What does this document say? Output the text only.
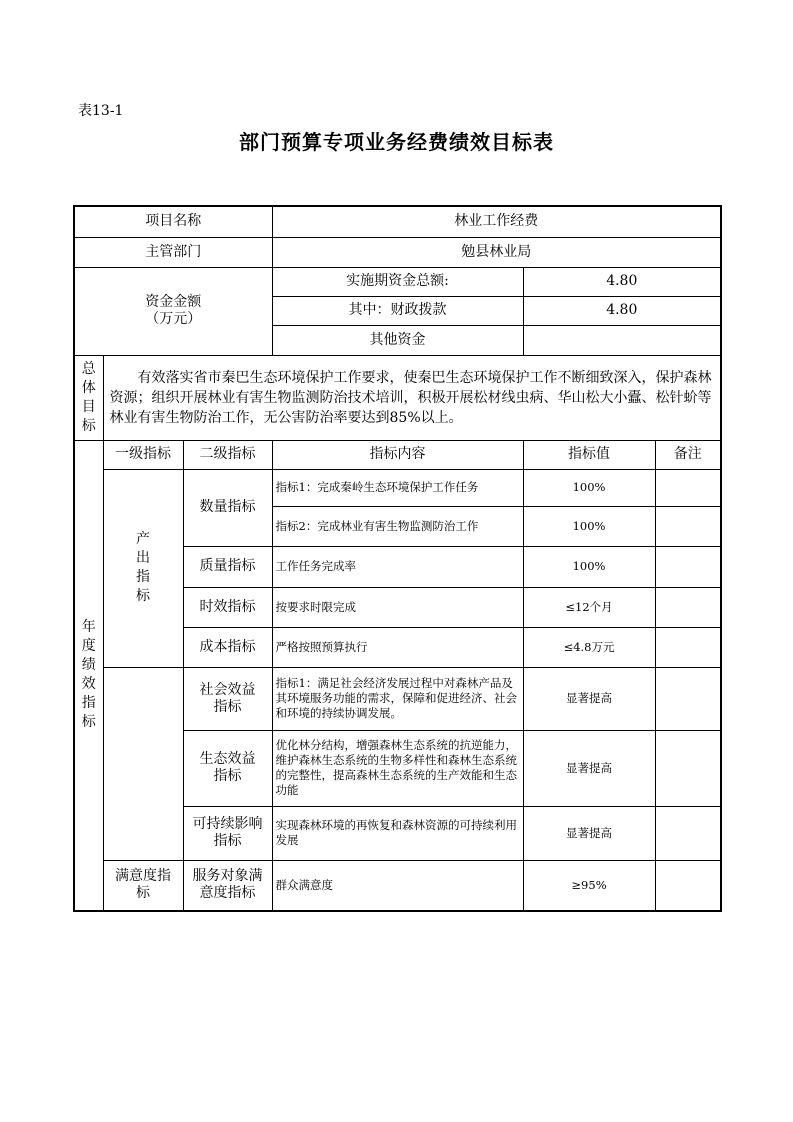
表13-1
部门预算专项业务经费绩效目标表
项目名称			林业工作经费		
主管部门			勉县林业局		

资金金额
（万元）			实施期资金总额:	4.80	
			其中：财政拨款	4.80	
			其他资金		

总体目标	有效落实省市秦巴生态环境保护工作要求，使秦巴生态环境保护工作不断细致深入，保护森林资源；组织开展林业有害生物监测防治技术培训，积极开展松材线虫病、华山松大小蠹、松针蚧等林业有害生物防治工作，无公害防治率要达到85%以上。				

年度绩效指标	一级指标	二级指标	指标内容	指标值	备注

	产出指标	数量指标	指标1：完成秦岭生态环境保护工作任务	100%	
			指标2：完成林业有害生物监测防治工作	100%	
		质量指标	工作任务完成率	100%	
		时效指标	按要求时限完成	≤12个月	
		成本指标	严格按照预算执行	≤4.8万元	
		社会效益指标	指标1：满足社会经济发展过程中对森林产品及其环境服务功能的需求，保障和促进经济、社会和环境的持续协调发展。	显著提高	
		生态效益指标	优化林分结构，增强森林生态系统的抗逆能力，维护森林生态系统的生物多样性和森林生态系统的完整性，提高森林生态系统的生产效能和生态功能	显著提高	
		可持续影响指标	实现森林环境的再恢复和森林资源的可持续利用发展	显著提高	
	满意度指标	服务对象满意度指标	群众满意度	≥95%	
